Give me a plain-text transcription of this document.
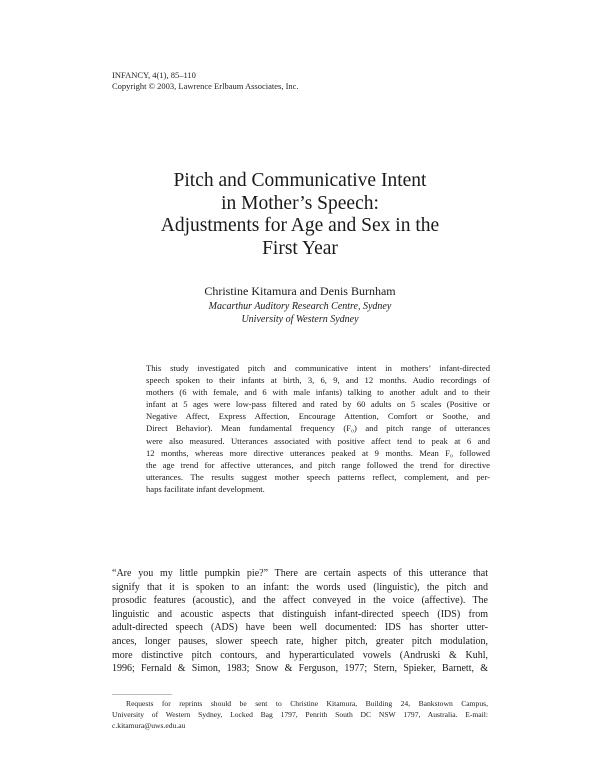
INFANCY, 4(1), 85–110
Copyright © 2003, Lawrence Erlbaum Associates, Inc.
Pitch and Communicative Intent
in Mother’s Speech:
Adjustments for Age and Sex in the
First Year
Christine Kitamura and Denis Burnham
Macarthur Auditory Research Centre, Sydney
University of Western Sydney
This study investigated pitch and communicative intent in mothers’ infant-directed
speech spoken to their infants at birth, 3, 6, 9, and 12 months. Audio recordings of
mothers (6 with female, and 6 with male infants) talking to another adult and to their
infant at 5 ages were low-pass filtered and rated by 60 adults on 5 scales (Positive or
Negative Affect, Express Affection, Encourage Attention, Comfort or Soothe, and
Direct Behavior). Mean fundamental frequency (F₀) and pitch range of utterances
were also measured. Utterances associated with positive affect tend to peak at 6 and
12 months, whereas more directive utterances peaked at 9 months. Mean F₀ followed
the age trend for affective utterances, and pitch range followed the trend for directive
utterances. The results suggest mother speech patterns reflect, complement, and per-
haps facilitate infant development.
“Are you my little pumpkin pie?” There are certain aspects of this utterance that
signify that it is spoken to an infant: the words used (linguistic), the pitch and
prosodic features (acoustic), and the affect conveyed in the voice (affective). The
linguistic and acoustic aspects that distinguish infant-directed speech (IDS) from
adult-directed speech (ADS) have been well documented: IDS has shorter utter-
ances, longer pauses, slower speech rate, higher pitch, greater pitch modulation,
more distinctive pitch contours, and hyperarticulated vowels (Andruski & Kuhl,
1996; Fernald & Simon, 1983; Snow & Ferguson, 1977; Stern, Spieker, Barnett, &
Requests for reprints should be sent to Christine Kitamura, Building 24, Bankstown Campus,
University of Western Sydney, Locked Bag 1797, Penrith South DC NSW 1797, Australia. E-mail:
c.kitamura@uws.edu.au
